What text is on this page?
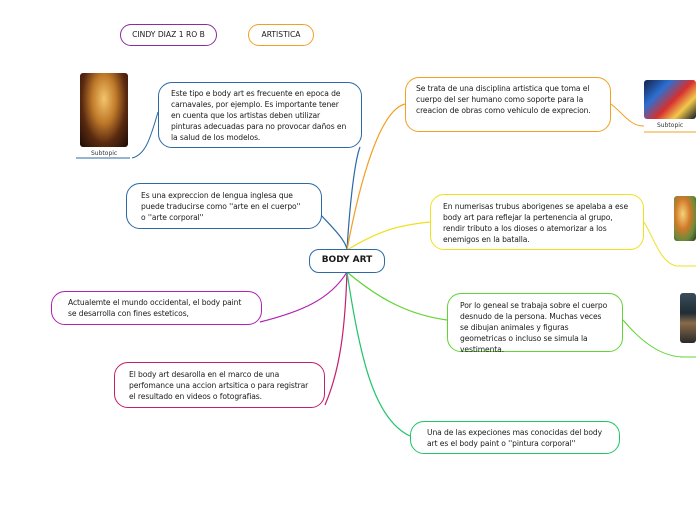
CINDY DIAZ 1 RO B	ARTISTICA
BODY ART
Este tipo e body art es frecuente en epoca de carnavales, por ejemplo. Es importante tener en cuenta que los artistas deben utilizar pinturas adecuadas para no provocar daños en la salud de los modelos.
Es una expreccion de lengua inglesa que puede traducirse como ''arte en el cuerpo'' o ''arte corporal''
Actualemte el mundo occidental, el body paint se desarrolla con fines esteticos,
El body art desarolla en el marco de una perfomance una accion artsitica o para registrar el resultado en videos o fotografias.
Se trata de una disciplina artistica que toma el cuerpo del ser humano como soporte para la creacion de obras como vehiculo de exprecion.
En numerisas trubus aborigenes se apelaba a ese body art para reflejar la pertenencia al grupo, rendir tributo a los dioses o atemorizar a los enemigos en la batalla.
Por lo geneal se trabaja sobre el cuerpo desnudo de la persona. Muchas veces se dibujan animales y figuras geometricas o incluso se simula la vestimenta.
Una de las expeciones mas conocidas del body art es el body paint o ''pintura corporal''
Subtopic
Subtopic
